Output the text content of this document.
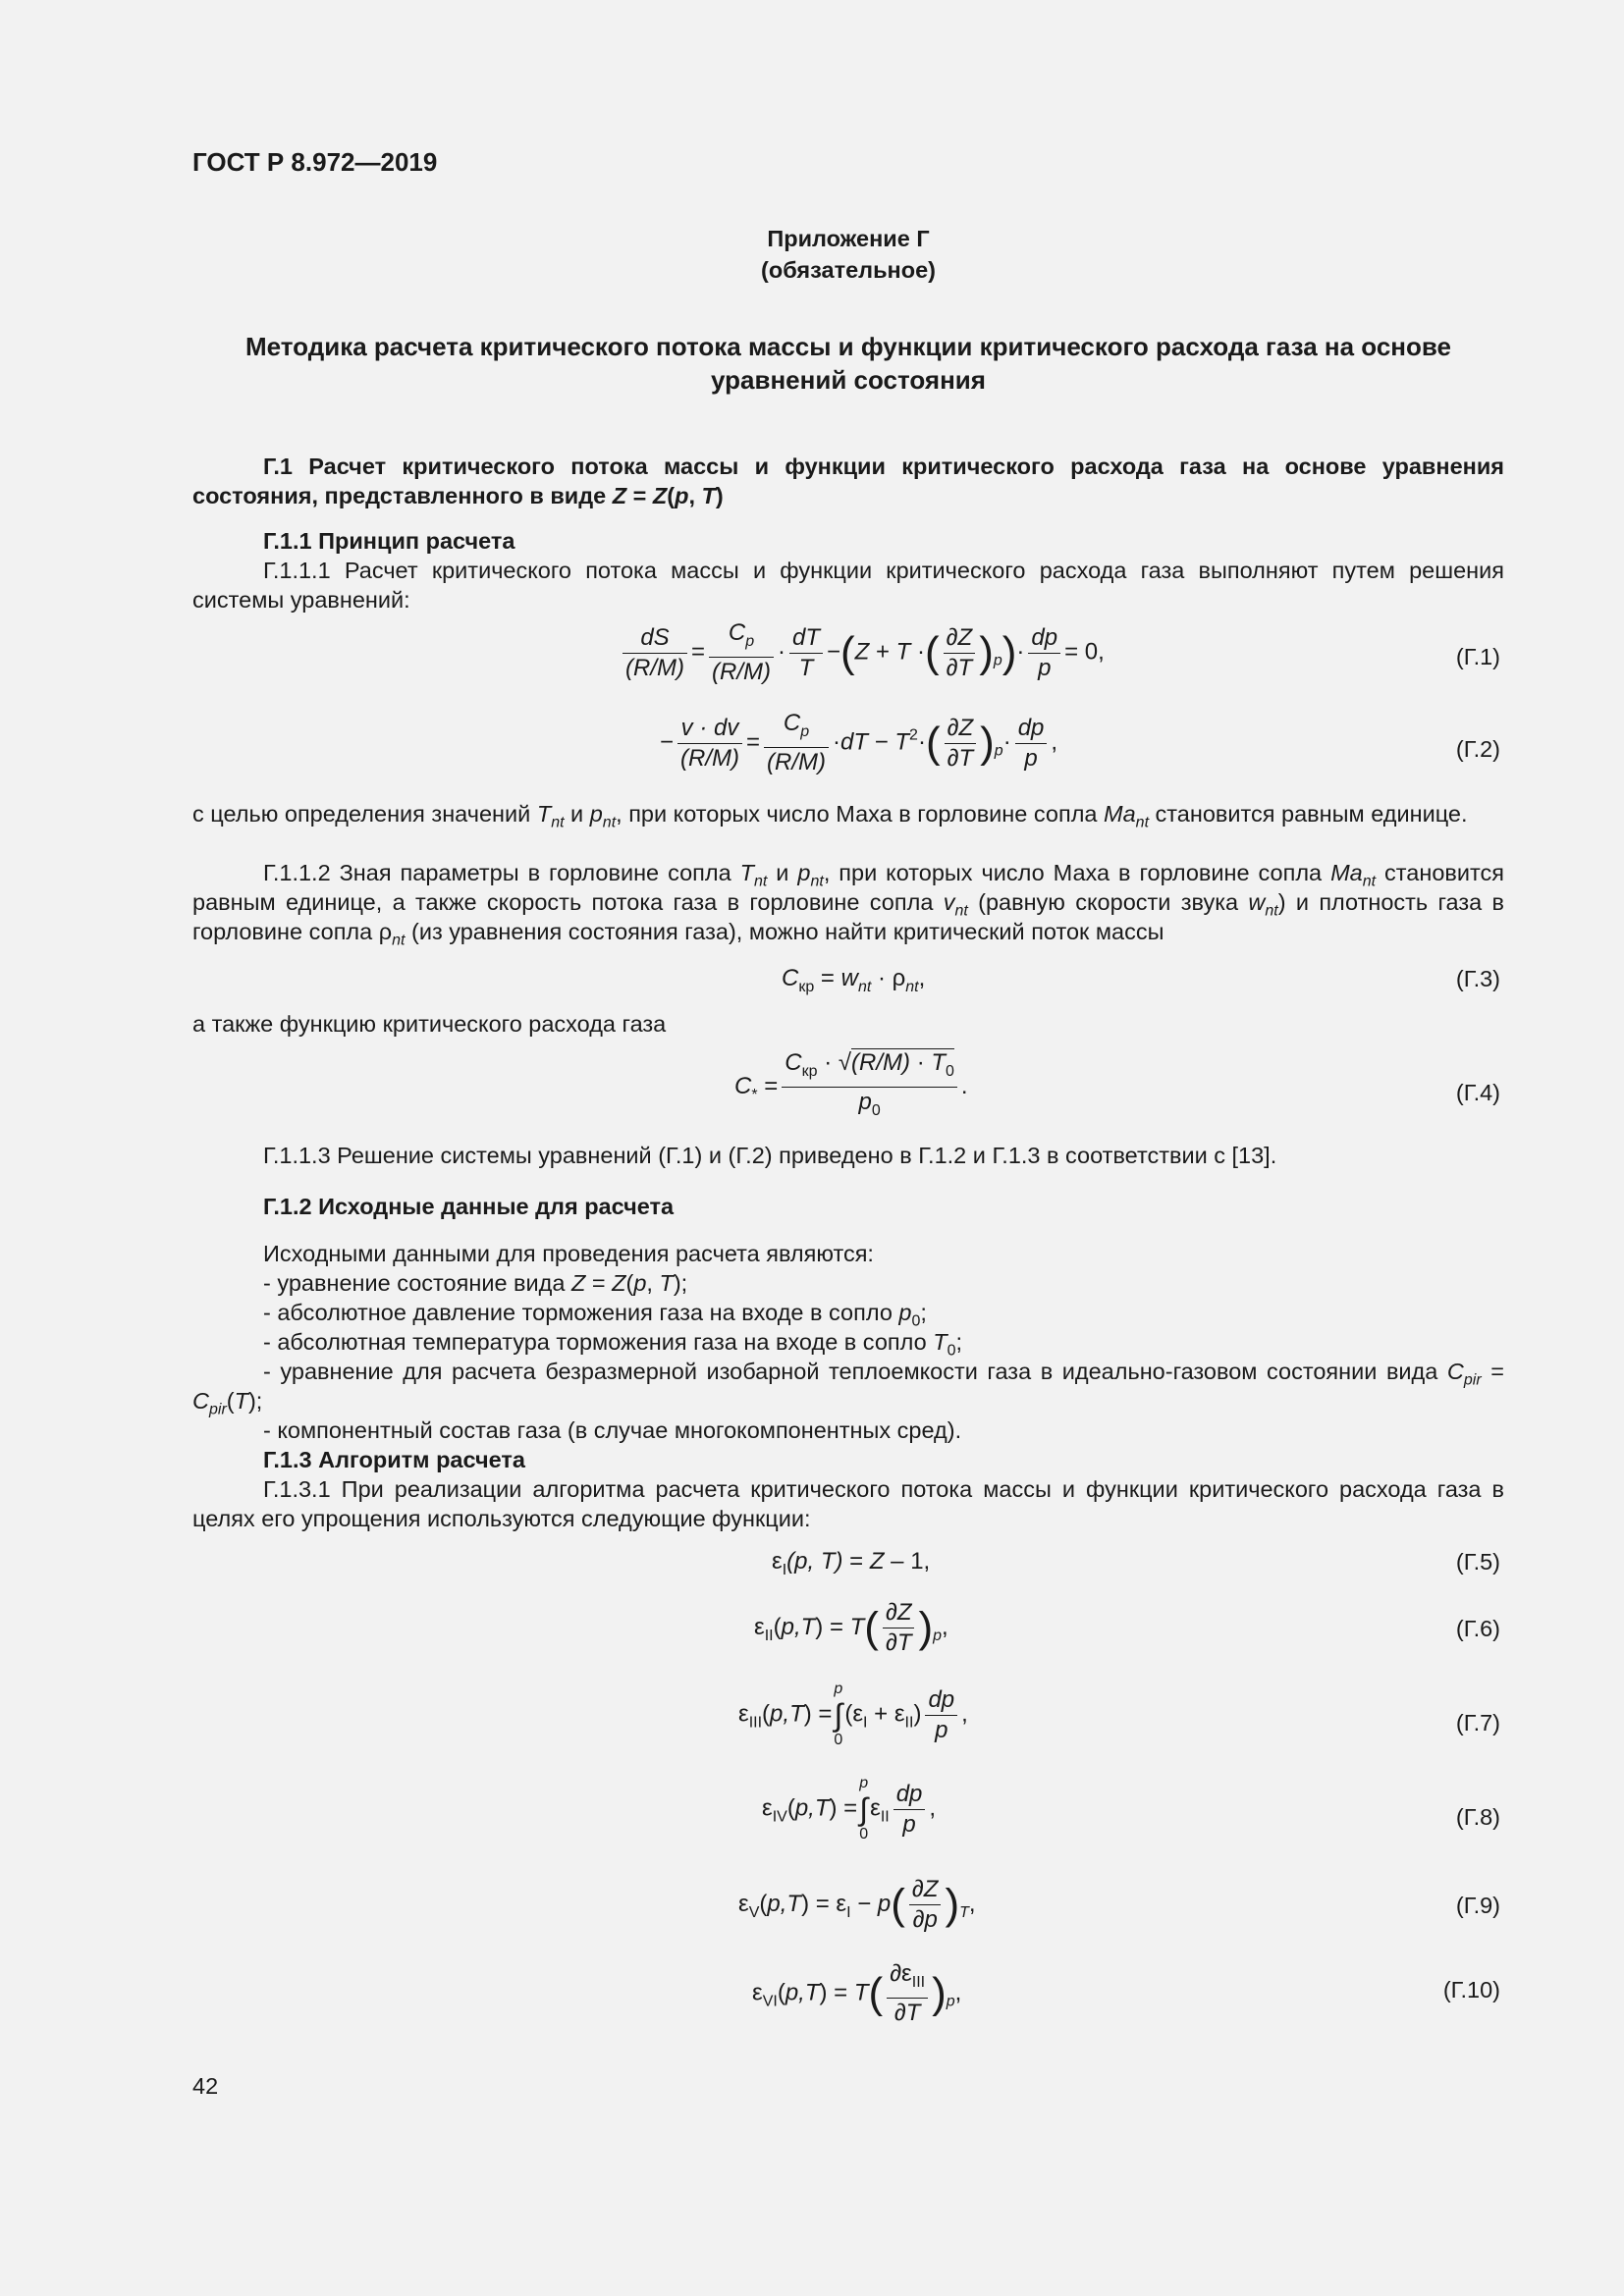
ГОСТ Р 8.972—2019
Приложение Г
(обязательное)
Методика расчета критического потока массы и функции критического расхода газа на основе
уравнений состояния
Г.1 Расчет критического потока массы и функции критического расхода газа на основе уравнения состояния, представленного в виде Z = Z(p, T)
Г.1.1 Принцип расчета
Г.1.1.1 Расчет критического потока массы и функции критического расхода газа выполняют путем решения системы уравнений:
$\frac{dS}{(R/M)} = \frac{C_p}{(R/M)} \cdot \frac{dT}{T} -(Z + T$ ·( $\frac{\partial Z}{\partial T} )_p)\cdot \frac{dp}{p} = 0$,	(Г.1)
− $\frac{v \cdot dv}{(R/M)} = \frac{C_p}{(R/M)} \cdot dT - T^2\cdot( \frac{\partial Z}{\partial T} )_p\cdot \frac{dp}{p}$ ,	(Г.2)
с целью определения значений $T_{nt}$ и $p_{nt}$, при которых число Маха в горловине сопла $Ma_{nt}$ становится равным единице.
Г.1.1.2 Зная параметры в горловине сопла $T_{nt}$ и $p_{nt}$, при которых число Маха в горловине сопла $Ma_{nt}$ становится равным единице, а также скорость потока газа в горловине сопла $v_{nt}$ (равную скорости звука $w_{nt}$) и плотность газа в горловине сопла $\rho_{nt}$ (из уравнения состояния газа), можно найти критический поток массы
$C_{кр} = w_{nt} \cdot \rho_{nt}$,	(Г.3)
а также функцию критического расхода газа
$C_* = \frac{C_{кр} \cdot √(R/M) \cdot T_0}{p_0}$ .	(Г.4)
Г.1.1.3 Решение системы уравнений (Г.1) и (Г.2) приведено в Г.1.2 и Г.1.3 в соответствии с [13].
Г.1.2 Исходные данные для расчета
Исходными данными для проведения расчета являются:
- уравнение состояние вида Z = Z(p, T);
- абсолютное давление торможения газа на входе в сопло $p_0$;
- абсолютная температура торможения газа на входе в сопло $T_0$;
- уравнение для расчета безразмерной изобарной теплоемкости газа в идеально-газовом состоянии вида $C_{pir} = C_{pir}(T)$;
- компонентный состав газа (в случае многокомпонентных сред).
Г.1.3 Алгоритм расчета
Г.1.3.1 При реализации алгоритма расчета критического потока массы и функции критического расхода газа в целях его упрощения используются следующие функции:
$\varepsilon_I(p$, T) = Z – 1,	(Г.5)
$\varepsilon_{II}(p,T) = T( \frac{\partial Z}{\partial T} )_p$,	(Г.6)
$\varepsilon_{III}(p,T)$ =
p
∫
0
$(\varepsilon_I + \varepsilon_{II}) \frac{dp}{p}$ ,	(Г.7)
$\varepsilon_{IV}(p,T)$ =
p
∫
0
$\varepsilon_{II} \frac{dp}{p}$ ,	(Г.8)
$\varepsilon_V(p,T) = \varepsilon_I - p( \frac{\partial Z}{\partial p} )_T$,	(Г.9)
$\varepsilon_{VI}(p,T) = T( \frac{\partial\varepsilon_{III}}{\partial T} )_p$,	(Г.10)
42
